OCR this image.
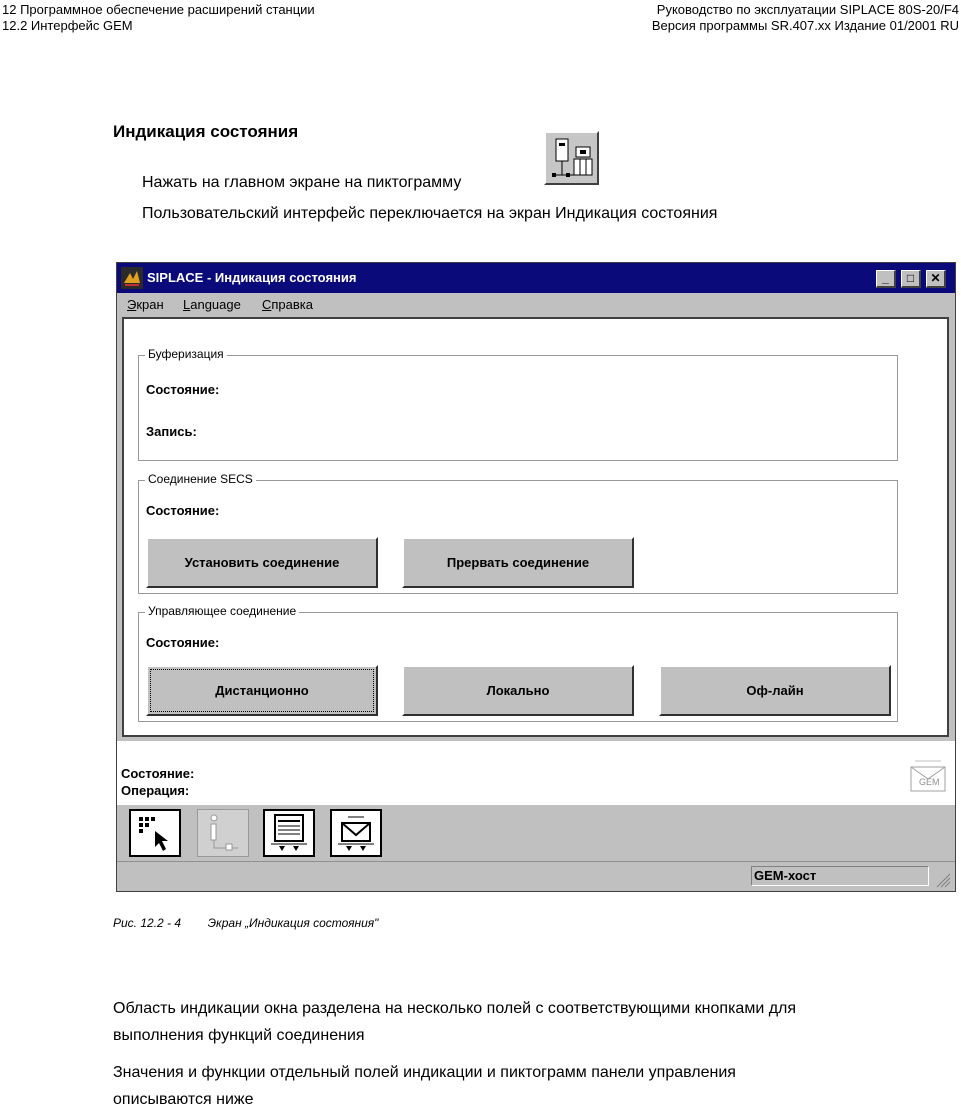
12 Программное обеспечение расширений станции
12.2 Интерфейс GEM
Руководство по эксплуатации SIPLACE 80S-20/F4
Версия программы SR.407.xx Издание 01/2001 RU
Индикация состояния
Нажать на главном экране на пиктограмму
Пользовательский интерфейс переключается на экран Индикация состояния
SIPLACE - Индикация состояния	_	□	✕
Экран Language Справка
Буферизация
Состояние:
Запись:
Соединение SECS
Состояние:
Установить соединение	Прервать соединение
Управляющее соединение
Состояние:
Дистанционно	Локально	Оф-лайн
Состояние:
Операция:
GEM
GEM-хост
Рис. 12.2 - 4 Экран „Индикация состояния"
Область индикации окна разделена на несколько полей с соответствующими кнопками для
выполнения функций соединения
Значения и функции отдельный полей индикации и пиктограмм панели управления
описываются ниже
